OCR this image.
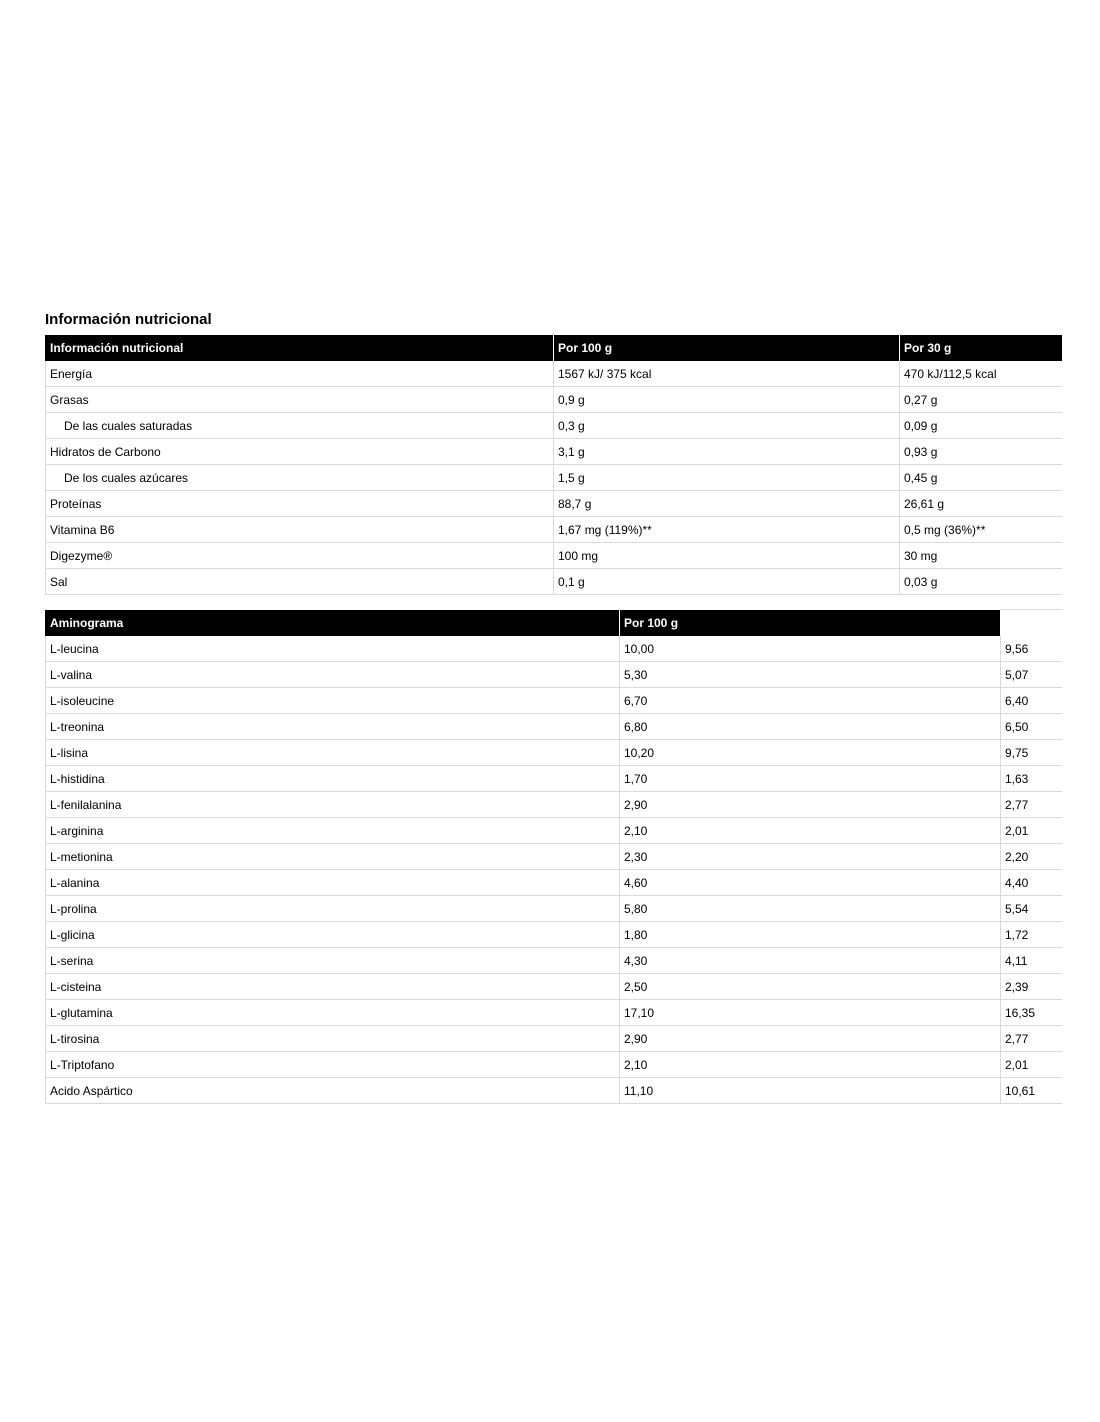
Información nutricional
Información nutricional	Por 100 g	Por 30 g
Energía	1567 kJ/ 375 kcal	470 kJ/112,5 kcal
Grasas	0,9 g	0,27 g
De las cuales saturadas	0,3 g	0,09 g
Hidratos de Carbono	3,1 g	0,93 g
De los cuales azúcares	1,5 g	0,45 g
Proteínas	88,7 g	26,61 g
Vitamina B6	1,67 mg (119%)**	0,5 mg (36%)**
Digezyme®	100 mg	30 mg
Sal	0,1 g	0,03 g
Aminograma	Por 100 g	
L-leucina	10,00	9,56
L-valina	5,30	5,07
L-isoleucine	6,70	6,40
L-treonina	6,80	6,50
L-lisina	10,20	9,75
L-histidina	1,70	1,63
L-fenilalanina	2,90	2,77
L-arginina	2,10	2,01
L-metionina	2,30	2,20
L-alanina	4,60	4,40
L-prolina	5,80	5,54
L-glicina	1,80	1,72
L-serina	4,30	4,11
L-cisteina	2,50	2,39
L-glutamina	17,10	16,35
L-tirosina	2,90	2,77
L-Triptofano	2,10	2,01
Acido Aspártico	11,10	10,61
